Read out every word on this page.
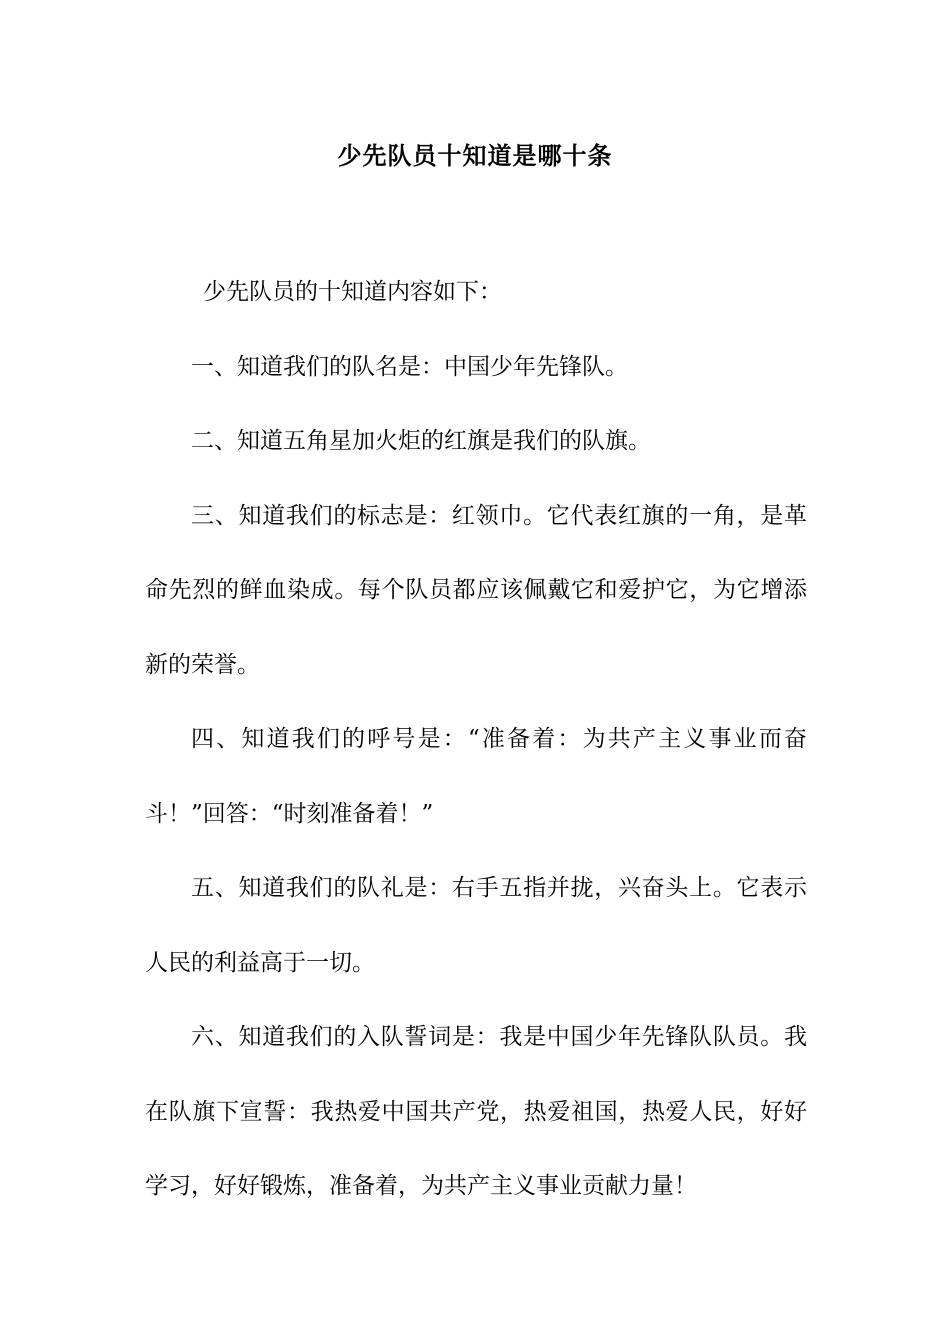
少先队员十知道是哪十条

少先队员的十知道内容如下：

一、知道我们的队名是：中国少年先锋队。

二、知道五角星加火炬的红旗是我们的队旗。

三、知道我们的标志是：红领巾。它代表红旗的一角，是革命先烈的鲜血染成。每个队员都应该佩戴它和爱护它，为它增添新的荣誉。

四、知道我们的呼号是：“准备着：为共产主义事业而奋斗！”回答：“时刻准备着！”

五、知道我们的队礼是：右手五指并拢，兴奋头上。它表示人民的利益高于一切。

六、知道我们的入队誓词是：我是中国少年先锋队队员。我在队旗下宣誓：我热爱中国共产党，热爱祖国，热爱人民，好好学习，好好锻炼，准备着，为共产主义事业贡献力量！
